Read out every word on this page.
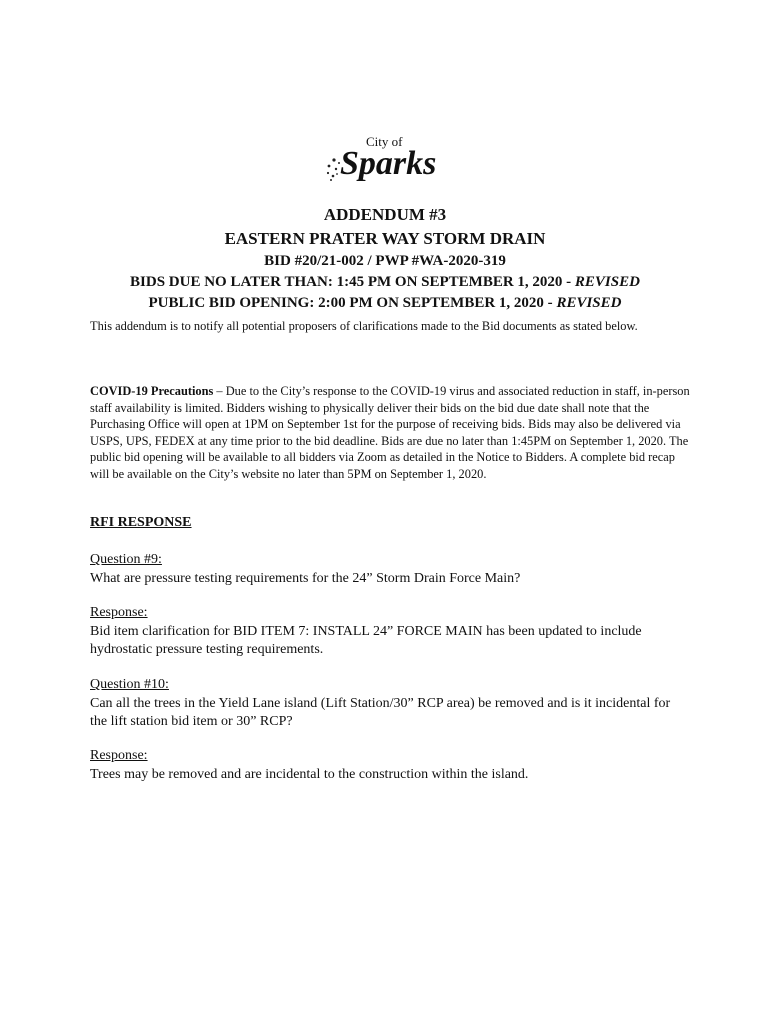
City of
Sparks
ADDENDUM #3
EASTERN PRATER WAY STORM DRAIN
BID #20/21-002 / PWP #WA-2020-319
BIDS DUE NO LATER THAN: 1:45 PM ON SEPTEMBER 1, 2020 - REVISED
PUBLIC BID OPENING: 2:00 PM ON SEPTEMBER 1, 2020 - REVISED
This addendum is to notify all potential proposers of clarifications made to the Bid documents as stated below.
COVID-19 Precautions – Due to the City’s response to the COVID-19 virus and associated reduction in staff, in-person staff availability is limited. Bidders wishing to physically deliver their bids on the bid due date shall note that the Purchasing Office will open at 1PM on September 1st for the purpose of receiving bids. Bids may also be delivered via USPS, UPS, FEDEX at any time prior to the bid deadline. Bids are due no later than 1:45PM on September 1, 2020. The public bid opening will be available to all bidders via Zoom as detailed in the Notice to Bidders. A complete bid recap will be available on the City’s website no later than 5PM on September 1, 2020.
RFI RESPONSE
Question #9:
What are pressure testing requirements for the 24” Storm Drain Force Main?
Response:
Bid item clarification for BID ITEM 7: INSTALL 24” FORCE MAIN has been updated to include hydrostatic pressure testing requirements.
Question #10:
Can all the trees in the Yield Lane island (Lift Station/30” RCP area) be removed and is it incidental for the lift station bid item or 30” RCP?
Response:
Trees may be removed and are incidental to the construction within the island.
